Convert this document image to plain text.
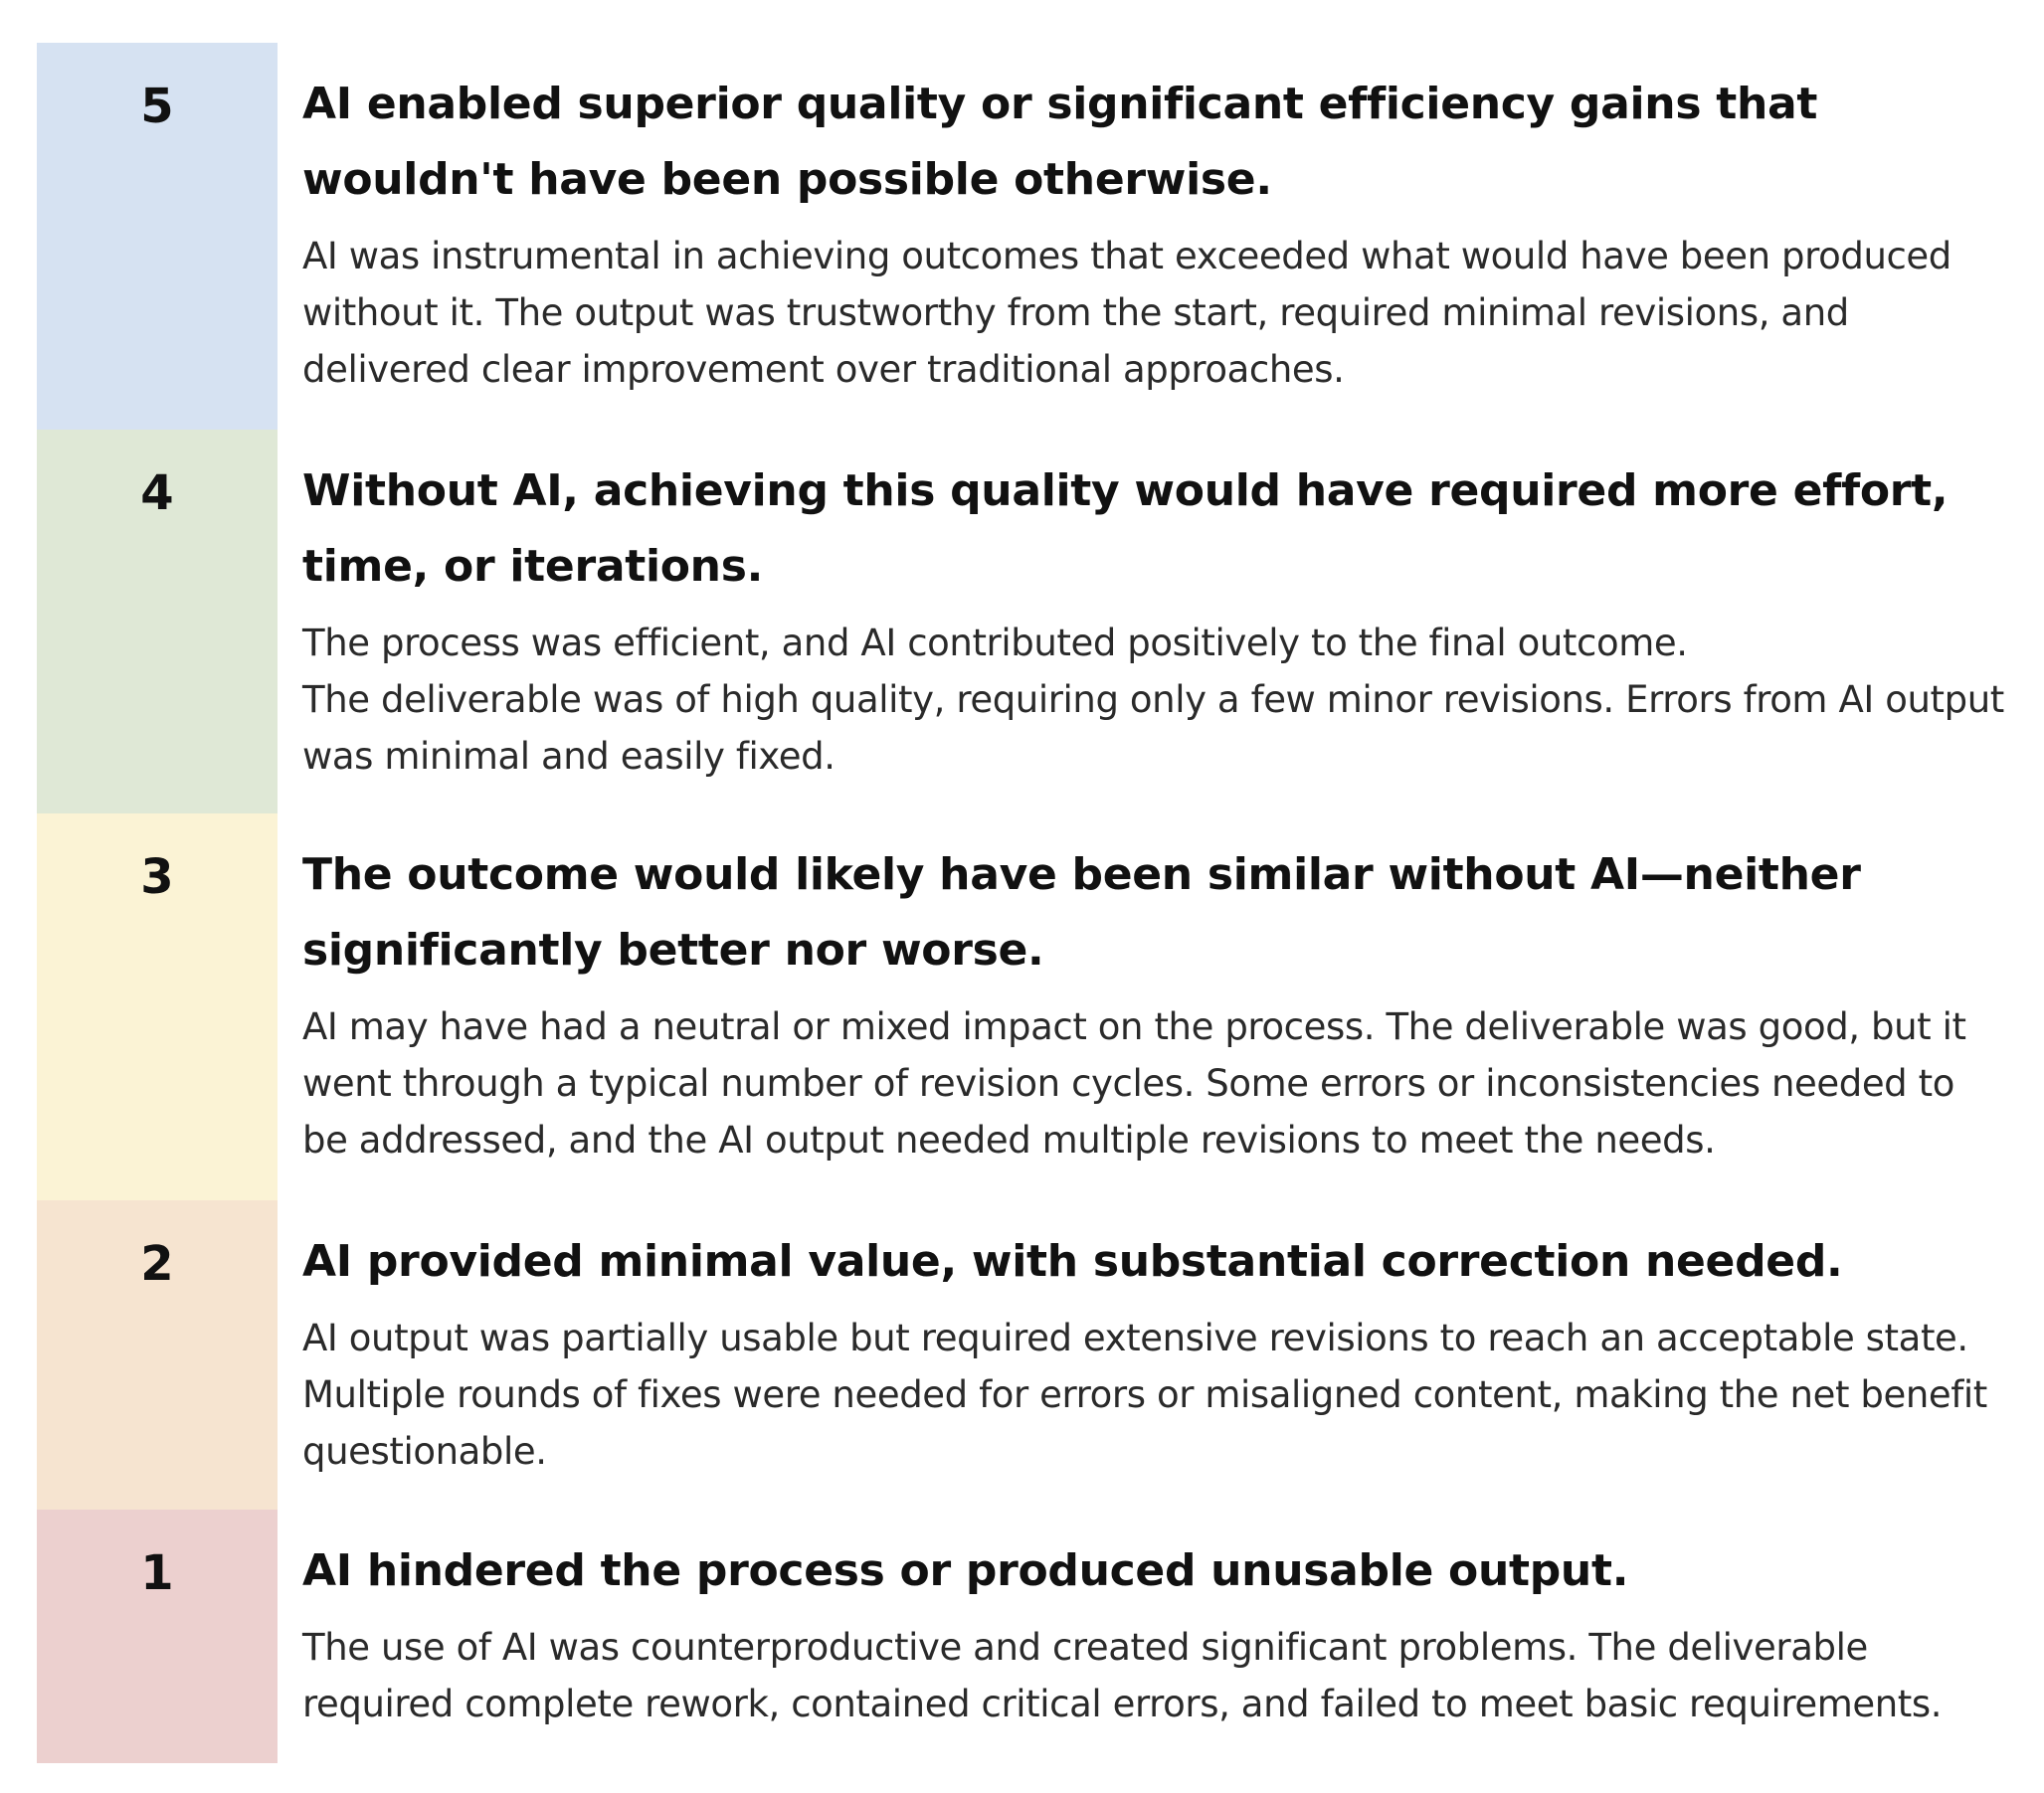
5	AI enabled superior quality or significant efficiency gains that wouldn't have been possible otherwise.

AI was instrumental in achieving outcomes that exceeded what would have been produced without it. The output was trustworthy from the start, required minimal revisions, and delivered clear improvement over traditional approaches.

4	Without AI, achieving this quality would have required more effort, time, or iterations.

The process was efficient, and AI contributed positively to the final outcome.
The deliverable was of high quality, requiring only a few minor revisions. Errors from AI output was minimal and easily fixed.

3	The outcome would likely have been similar without AI—neither significantly better nor worse.

AI may have had a neutral or mixed impact on the process. The deliverable was good, but it went through a typical number of revision cycles. Some errors or inconsistencies needed to be addressed, and the AI output needed multiple revisions to meet the needs.

2	AI provided minimal value, with substantial correction needed.

AI output was partially usable but required extensive revisions to reach an acceptable state. Multiple rounds of fixes were needed for errors or misaligned content, making the net benefit questionable.

1	AI hindered the process or produced unusable output.

The use of AI was counterproductive and created significant problems. The deliverable required complete rework, contained critical errors, and failed to meet basic requirements.
